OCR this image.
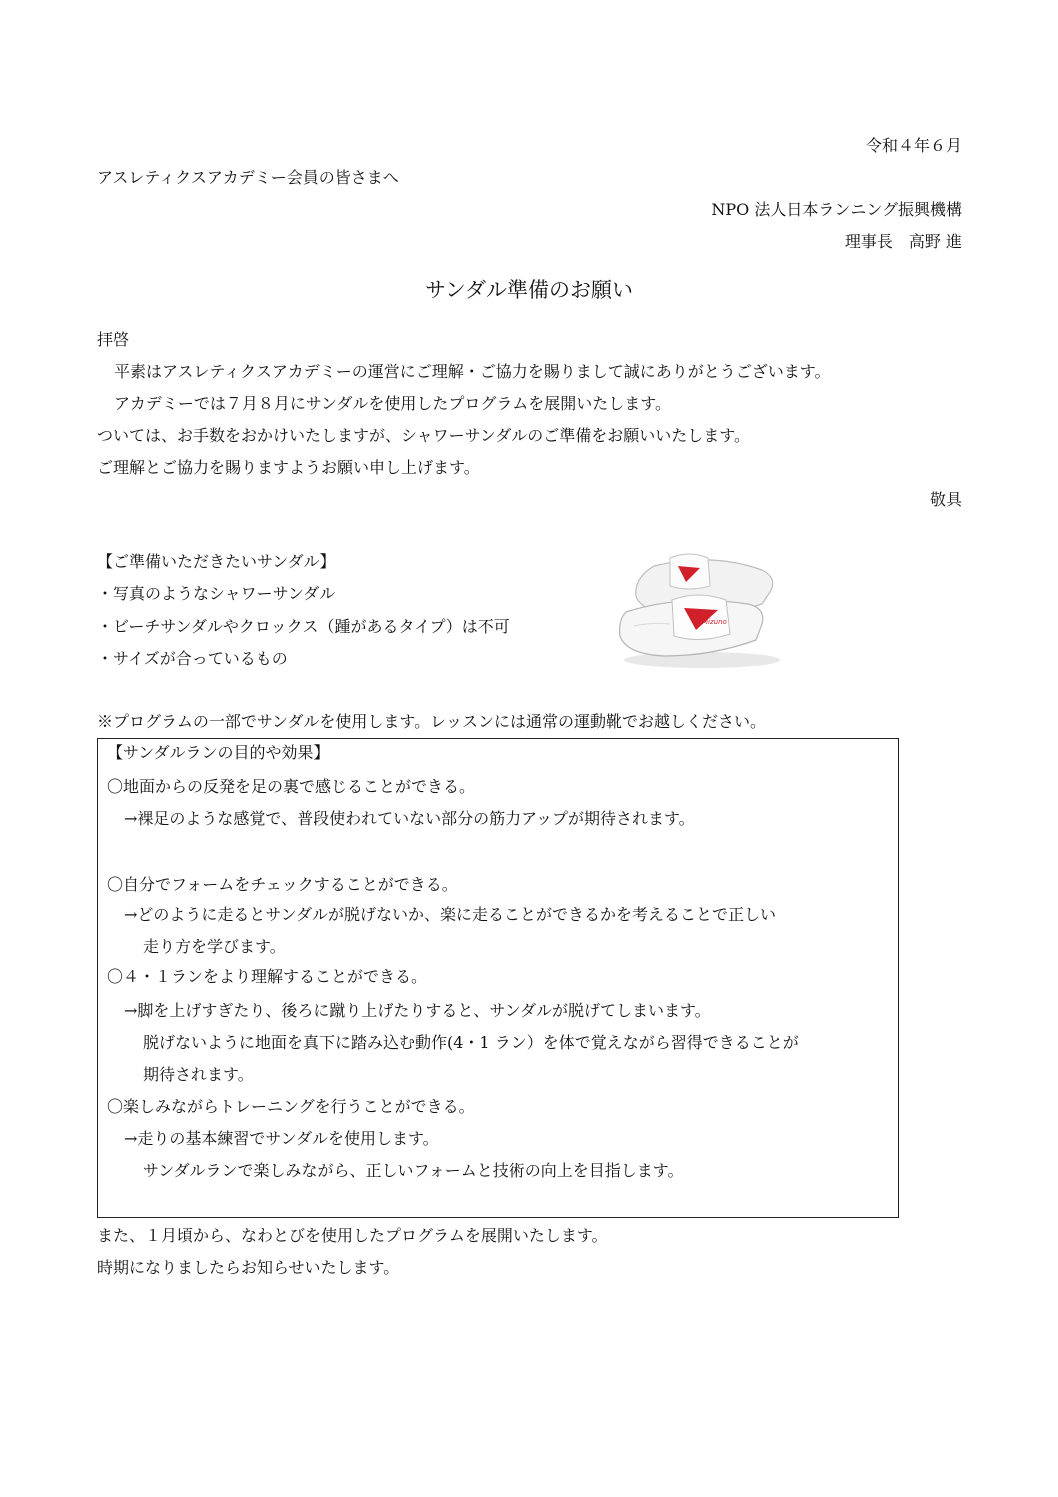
令和４年６月
アスレティクスアカデミー会員の皆さまへ
NPO 法人日本ランニング振興機構
理事長　高野 進
サンダル準備のお願い
拝啓
平素はアスレティクスアカデミーの運営にご理解・ご協力を賜りまして誠にありがとうございます。
アカデミーでは７月８月にサンダルを使用したプログラムを展開いたします。
ついては、お手数をおかけいたしますが、シャワーサンダルのご準備をお願いいたします。
ご理解とご協力を賜りますようお願い申し上げます。
敬具
【ご準備いただきたいサンダル】
・写真のようなシャワーサンダル
・ビーチサンダルやクロックス（踵があるタイプ）は不可
・サイズが合っているもの
Mizuno
※プログラムの一部でサンダルを使用します。レッスンには通常の運動靴でお越しください。
【サンダルランの目的や効果】
〇地面からの反発を足の裏で感じることができる。
→裸足のような感覚で、普段使われていない部分の筋力アップが期待されます。
〇自分でフォームをチェックすることができる。
→どのように走るとサンダルが脱げないか、楽に走ることができるかを考えることで正しい
走り方を学びます。
〇４・１ランをより理解することができる。
→脚を上げすぎたり、後ろに蹴り上げたりすると、サンダルが脱げてしまいます。
脱げないように地面を真下に踏み込む動作(4・1 ラン）を体で覚えながら習得できることが
期待されます。
〇楽しみながらトレーニングを行うことができる。
→走りの基本練習でサンダルを使用します。
サンダルランで楽しみながら、正しいフォームと技術の向上を目指します。
また、１月頃から、なわとびを使用したプログラムを展開いたします。
時期になりましたらお知らせいたします。
